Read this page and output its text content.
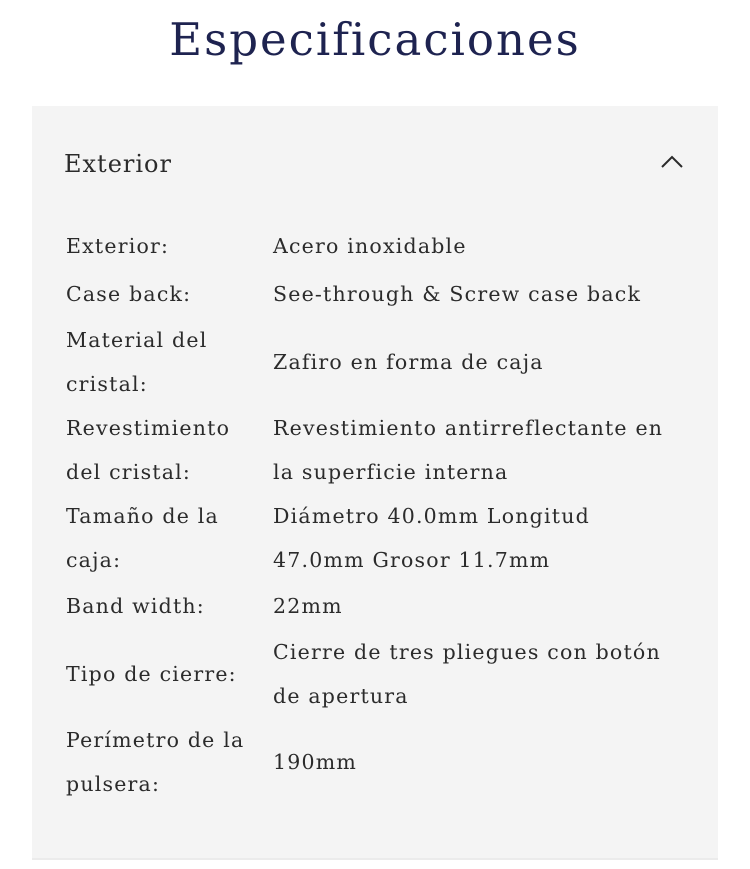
Especificaciones
Exterior
Exterior:	Acero inoxidable
Case back:	See-through & Screw case back
Material del cristal:
Zafiro en forma de caja
Revestimiento del cristal:
Revestimiento antirreflectante en la superficie interna
Tamaño de la caja:
Diámetro 40.0mm Longitud 47.0mm Grosor 11.7mm
Band width:	22mm
Tipo de cierre:
Cierre de tres pliegues con botón de apertura
Perímetro de la pulsera:
190mm
